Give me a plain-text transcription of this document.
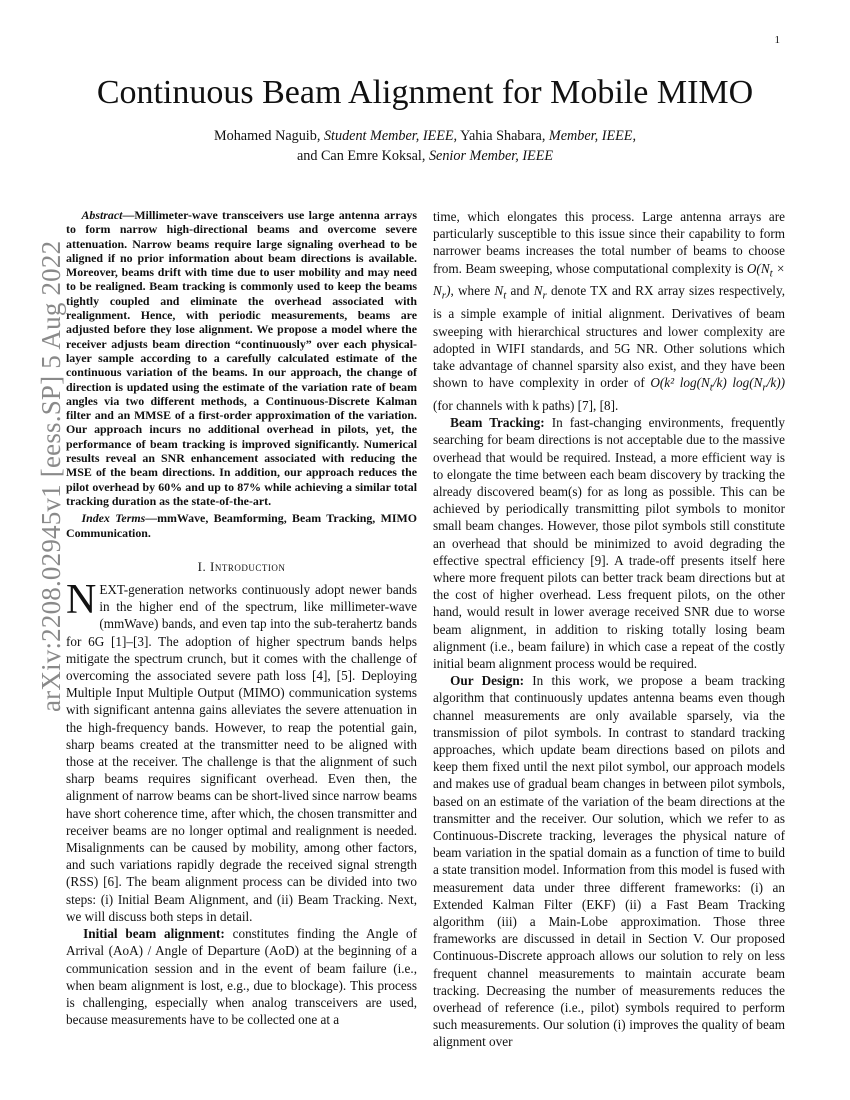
1
arXiv:2208.02945v1 [eess.SP] 5 Aug 2022
Continuous Beam Alignment for Mobile MIMO
Mohamed Naguib, Student Member, IEEE, Yahia Shabara, Member, IEEE,
and Can Emre Koksal, Senior Member, IEEE

Abstract—Millimeter-wave transceivers use large antenna arrays to form narrow high-directional beams and overcome severe attenuation. Narrow beams require large signaling overhead to be aligned if no prior information about beam directions is available. Moreover, beams drift with time due to user mobility and may need to be realigned. Beam tracking is commonly used to keep the beams tightly coupled and eliminate the overhead associated with realignment. Hence, with periodic measurements, beams are adjusted before they lose alignment. We propose a model where the receiver adjusts beam direction “continuously” over each physical-layer sample according to a carefully calculated estimate of the continuous variation of the beams. In our approach, the change of direction is updated using the estimate of the variation rate of beam angles via two different methods, a Continuous-Discrete Kalman filter and an MMSE of a first-order approximation of the variation. Our approach incurs no additional overhead in pilots, yet, the performance of beam tracking is improved significantly. Numerical results reveal an SNR enhancement associated with reducing the MSE of the beam directions. In addition, our approach reduces the pilot overhead by 60% and up to 87% while achieving a similar total tracking duration as the state-of-the-art.

Index Terms—mmWave, Beamforming, Beam Tracking, MIMO Communication.

I. Introduction

NEXT-generation networks continuously adopt newer bands in the higher end of the spectrum, like millimeter-wave (mmWave) bands, and even tap into the sub-terahertz bands for 6G [1]–[3]. The adoption of higher spectrum bands helps mitigate the spectrum crunch, but it comes with the challenge of overcoming the associated severe path loss [4], [5]. Deploying Multiple Input Multiple Output (MIMO) communication systems with significant antenna gains alleviates the severe attenuation in the high-frequency bands. However, to reap the potential gain, sharp beams created at the transmitter need to be aligned with those at the receiver. The challenge is that the alignment of such sharp beams requires significant overhead. Even then, the alignment of narrow beams can be short-lived since narrow beams have short coherence time, after which, the chosen transmitter and receiver beams are no longer optimal and realignment is needed. Misalignments can be caused by mobility, among other factors, and such variations rapidly degrade the received signal strength (RSS) [6]. The beam alignment process can be divided into two steps: (i) Initial Beam Alignment, and (ii) Beam Tracking. Next, we will discuss both steps in detail.

Initial beam alignment: constitutes finding the Angle of Arrival (AoA) / Angle of Departure (AoD) at the beginning of a communication session and in the event of beam failure (i.e., when beam alignment is lost, e.g., due to blockage). This process is challenging, especially when analog transceivers are used, because measurements have to be collected one at a

time, which elongates this process. Large antenna arrays are particularly susceptible to this issue since their capability to form narrower beams increases the total number of beams to choose from. Beam sweeping, whose computational complexity is $O(N_t \times N_r)$, where $N_t$ and $N_r$ denote TX and RX array sizes respectively, is a simple example of initial alignment. Derivatives of beam sweeping with hierarchical structures and lower complexity are adopted in WIFI standards, and 5G NR. Other solutions which take advantage of channel sparsity also exist, and they have been shown to have complexity in order of O(k² $\log(N_t/k)$ $\log(N_r/k)$) (for channels with k paths) [7], [8].

Beam Tracking: In fast-changing environments, frequently searching for beam directions is not acceptable due to the massive overhead that would be required. Instead, a more efficient way is to elongate the time between each beam discovery by tracking the already discovered beam(s) for as long as possible. This can be achieved by periodically transmitting pilot symbols to monitor small beam changes. However, those pilot symbols still constitute an overhead that should be minimized to avoid degrading the effective spectral efficiency [9]. A trade-off presents itself here where more frequent pilots can better track beam directions but at the cost of higher overhead. Less frequent pilots, on the other hand, would result in lower average received SNR due to worse beam alignment, in addition to risking totally losing beam alignment (i.e., beam failure) in which case a repeat of the costly initial beam alignment process would be required.

Our Design: In this work, we propose a beam tracking algorithm that continuously updates antenna beams even though channel measurements are only available sparsely, via the transmission of pilot symbols. In contrast to standard tracking approaches, which update beam directions based on pilots and keep them fixed until the next pilot symbol, our approach models and makes use of gradual beam changes in between pilot symbols, based on an estimate of the variation of the beam directions at the transmitter and the receiver. Our solution, which we refer to as Continuous-Discrete tracking, leverages the physical nature of beam variation in the spatial domain as a function of time to build a state transition model. Information from this model is fused with measurement data under three different frameworks: (i) an Extended Kalman Filter (EKF) (ii) a Fast Beam Tracking algorithm (iii) a Main-Lobe approximation. Those three frameworks are discussed in detail in Section V. Our proposed Continuous-Discrete approach allows our solution to rely on less frequent channel measurements to maintain accurate beam tracking. Decreasing the number of measurements reduces the overhead of reference (i.e., pilot) symbols required to perform such measurements. Our solution (i) improves the quality of beam alignment over
